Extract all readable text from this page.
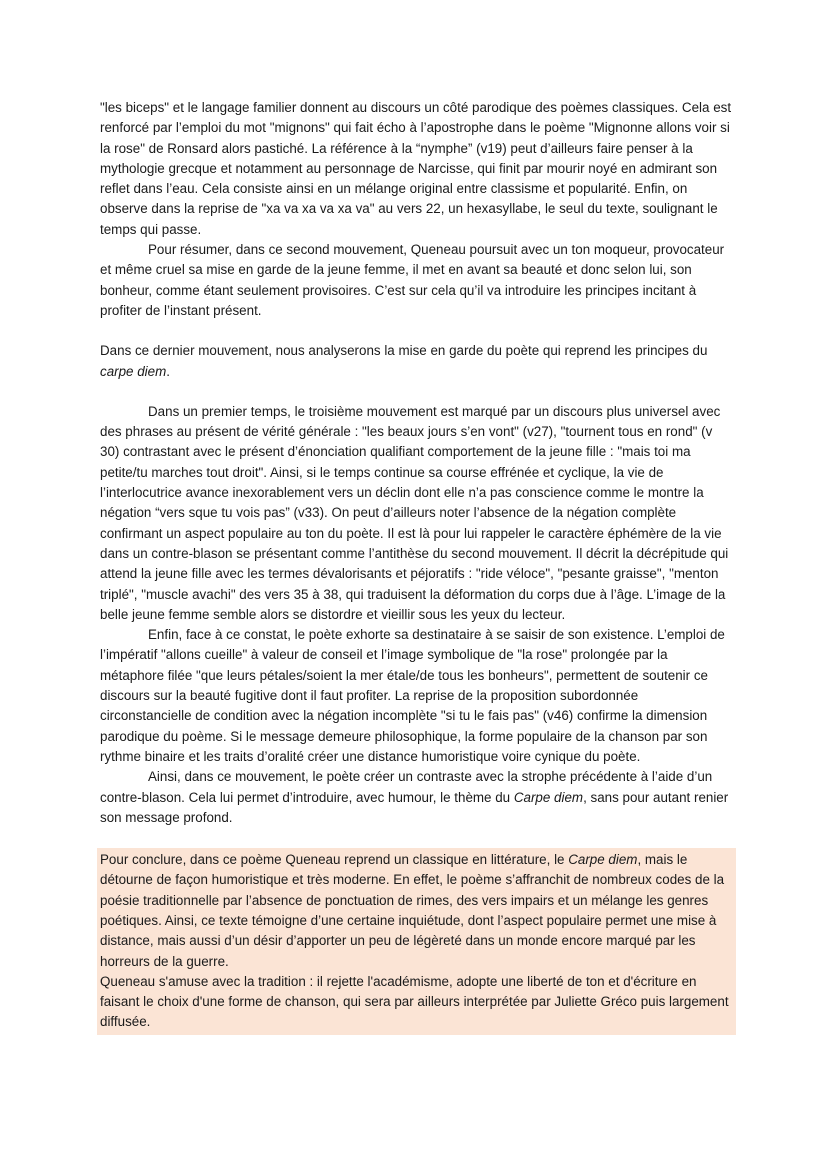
"les biceps" et le langage familier donnent au discours un côté parodique des poèmes classiques. Cela est renforcé par l’emploi du mot "mignons" qui fait écho à l’apostrophe dans le poème "Mignonne allons voir si la rose" de Ronsard alors pastiché. La référence à la “nymphe” (v19) peut d’ailleurs faire penser à la mythologie grecque et notamment au personnage de Narcisse, qui finit par mourir noyé en admirant son reflet dans l’eau. Cela consiste ainsi en un mélange original entre classisme et popularité. Enfin, on observe dans la reprise de "xa va xa va xa va" au vers 22, un hexasyllabe, le seul du texte, soulignant le temps qui passe.

Pour résumer, dans ce second mouvement, Queneau poursuit avec un ton moqueur, provocateur et même cruel sa mise en garde de la jeune femme, il met en avant sa beauté et donc selon lui, son bonheur, comme étant seulement provisoires. C’est sur cela qu’il va introduire les principes incitant à profiter de l’instant présent.

Dans ce dernier mouvement, nous analyserons la mise en garde du poète qui reprend les principes du carpe diem.

Dans un premier temps, le troisième mouvement est marqué par un discours plus universel avec des phrases au présent de vérité générale : "les beaux jours s’en vont" (v27), "tournent tous en rond" (v 30) contrastant avec le présent d’énonciation qualifiant comportement de la jeune fille : "mais toi ma petite/tu marches tout droit". Ainsi, si le temps continue sa course effrénée et cyclique, la vie de l’interlocutrice avance inexorablement vers un déclin dont elle n’a pas conscience comme le montre la négation “vers sque tu vois pas” (v33). On peut d’ailleurs noter l’absence de la négation complète confirmant un aspect populaire au ton du poète. Il est là pour lui rappeler le caractère éphémère de la vie dans un contre-blason se présentant comme l’antithèse du second mouvement. Il décrit la décrépitude qui attend la jeune fille avec les termes dévalorisants et péjoratifs : "ride véloce", "pesante graisse", "menton triplé", "muscle avachi" des vers 35 à 38, qui traduisent la déformation du corps due à l’âge. L’image de la belle jeune femme semble alors se distordre et vieillir sous les yeux du lecteur.

Enfin, face à ce constat, le poète exhorte sa destinataire à se saisir de son existence. L’emploi de l’impératif "allons cueille" à valeur de conseil et l’image symbolique de "la rose" prolongée par la métaphore filée "que leurs pétales/soient la mer étale/de tous les bonheurs", permettent de soutenir ce discours sur la beauté fugitive dont il faut profiter. La reprise de la proposition subordonnée circonstancielle de condition avec la négation incomplète "si tu le fais pas" (v46) confirme la dimension parodique du poème. Si le message demeure philosophique, la forme populaire de la chanson par son rythme binaire et les traits d’oralité créer une distance humoristique voire cynique du poète.

Ainsi, dans ce mouvement, le poète créer un contraste avec la strophe précédente à l’aide d’un contre-blason. Cela lui permet d’introduire, avec humour, le thème du Carpe diem, sans pour autant renier son message profond.

Pour conclure, dans ce poème Queneau reprend un classique en littérature, le Carpe diem, mais le détourne de façon humoristique et très moderne. En effet, le poème s’affranchit de nombreux codes de la poésie traditionnelle par l’absence de ponctuation de rimes, des vers impairs et un mélange les genres poétiques. Ainsi, ce texte témoigne d’une certaine inquiétude, dont l’aspect populaire permet une mise à distance, mais aussi d’un désir d’apporter un peu de légèreté dans un monde encore marqué par les horreurs de la guerre.

Queneau s'amuse avec la tradition : il rejette l'académisme, adopte une liberté de ton et d'écriture en faisant le choix d'une forme de chanson, qui sera par ailleurs interprétée par Juliette Gréco puis largement diffusée.
